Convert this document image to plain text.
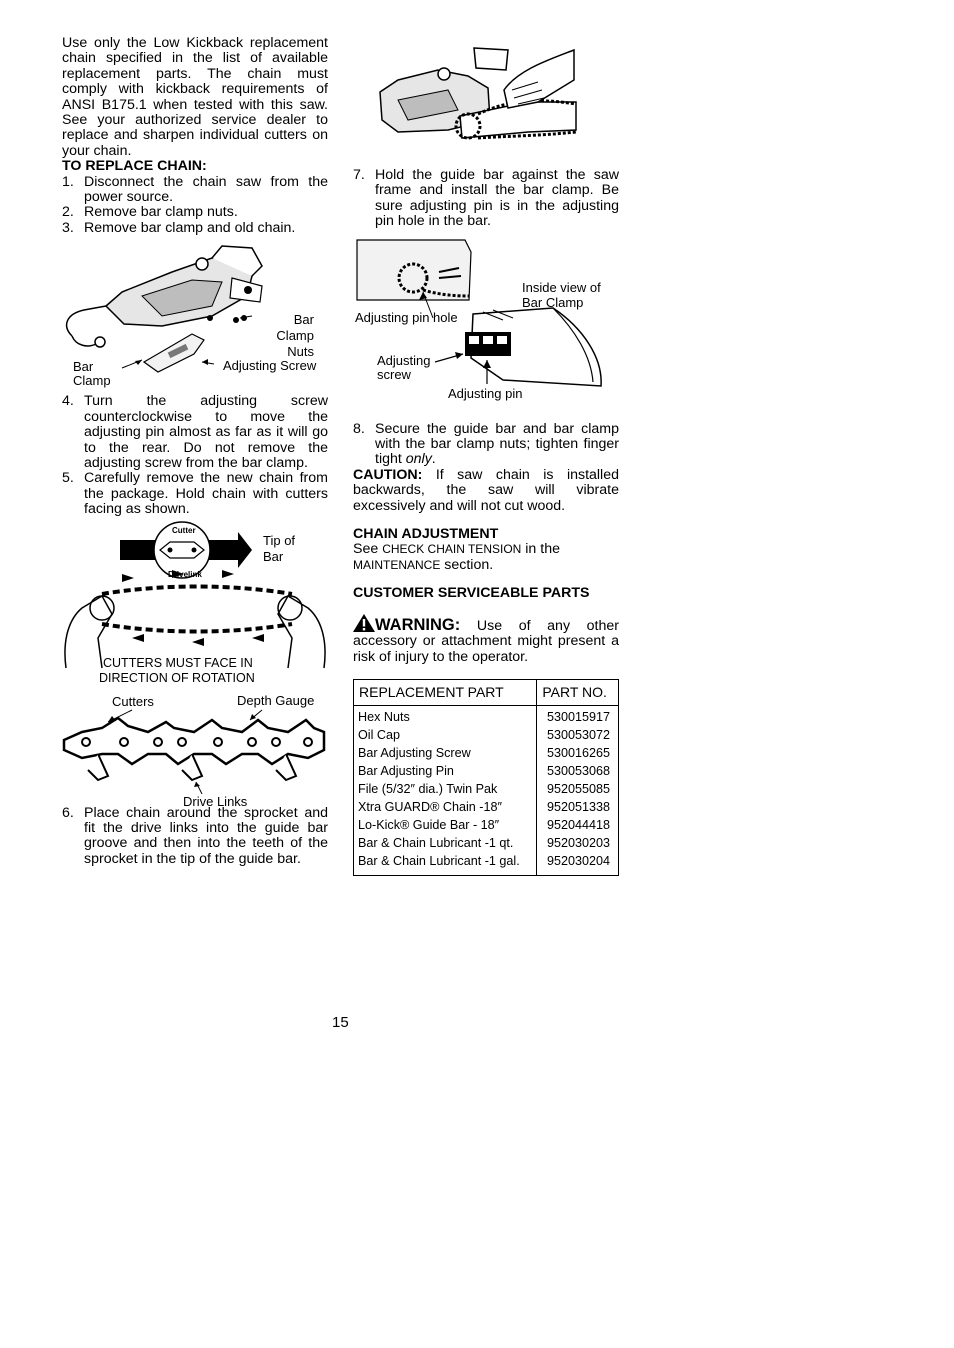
Use only the Low Kickback replacement chain specified in the list of available replacement parts. The chain must comply with kickback requirements of ANSI B175.1 when tested with this saw. See your authorized service dealer to replace and sharpen individual cutters on your chain.

TO REPLACE CHAIN:

1. Disconnect the chain saw from the power source.
2. Remove bar clamp nuts.
3. Remove bar clamp and old chain.
Bar Clamp Nuts
Bar Clamp
Adjusting Screw
4. Turn the adjusting screw counterclockwise to move the adjusting pin almost as far as it will go to the rear. Do not remove the adjusting screw from the bar clamp.
5. Carefully remove the new chain from the package. Hold chain with cutters facing as shown.
Cutter
Drivelink
Tip of Bar
CUTTERS MUST FACE IN
DIRECTION OF ROTATION
Cutters	Depth Gauge
Drive Links
6. Place chain around the sprocket and fit the drive links into the guide bar groove and then into the teeth of the sprocket in the tip of the guide bar.
7. Hold the guide bar against the saw frame and install the bar clamp. Be sure adjusting pin is in the adjusting pin hole in the bar.
Inside view of Bar Clamp
Adjusting pin hole
Adjusting screw
Adjusting pin
8. Secure the guide bar and bar clamp with the bar clamp nuts; tighten finger tight only.

CAUTION: If saw chain is installed backwards, the saw will vibrate excessively and will not cut wood.

CHAIN ADJUSTMENT

See CHECK CHAIN TENSION in the MAINTENANCE section.

CUSTOMER SERVICEABLE PARTS

WARNING: Use of any other accessory or attachment might present a risk of injury to the operator.

REPLACEMENT PART	PART NO.
Hex Nuts	530015917
Oil Cap	530053072
Bar Adjusting Screw	530016265
Bar Adjusting Pin	530053068
File (5/32″ dia.) Twin Pak	952055085
Xtra GUARD® Chain -18″	952051338
Lo-Kick® Guide Bar - 18″	952044418
Bar & Chain Lubricant -1 qt.	952030203
Bar & Chain Lubricant -1 gal.	952030204
15
